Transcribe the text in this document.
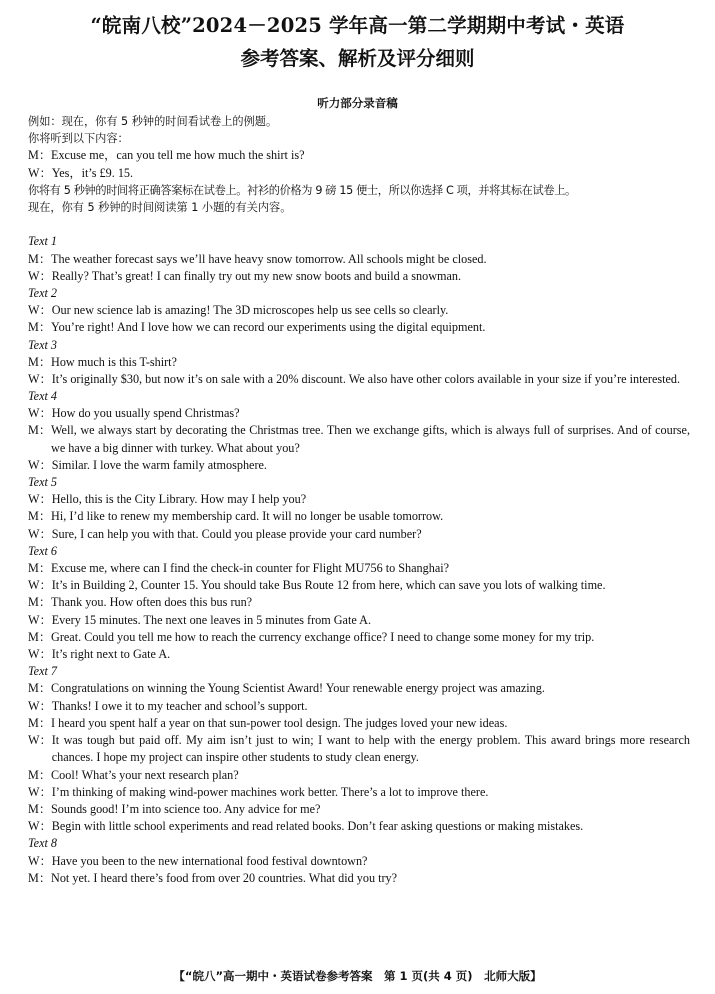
“皖南八校”2024－2025 学年高一第二学期期中考试・英语
参考答案、解析及评分细则
听力部分录音稿
例如：现在，你有 5 秒钟的时间看试卷上的例题。
你将听到以下内容：
M：Excuse me，can you tell me how much the shirt is?
W：Yes，it’s £9. 15.
你将有 5 秒钟的时间将正确答案标在试卷上。衬衫的价格为 9 磅 15 便士，所以你选择 C 项，并将其标在试卷上。
现在，你有 5 秒钟的时间阅读第 1 小题的有关内容。
Text 1
M： The weather forecast says we’ll have heavy snow tomorrow. All schools might be closed.
W： Really? That’s great! I can finally try out my new snow boots and build a snowman.
Text 2
W： Our new science lab is amazing! The 3D microscopes help us see cells so clearly.
M： You’re right! And I love how we can record our experiments using the digital equipment.
Text 3
M： How much is this T-shirt?
W： It’s originally $30, but now it’s on sale with a 20% discount. We also have other colors available in your size if you’re interested.
Text 4
W： How do you usually spend Christmas?
M： Well, we always start by decorating the Christmas tree. Then we exchange gifts, which is always full of surprises. And of course, we have a big dinner with turkey. What about you?
W： Similar. I love the warm family atmosphere.
Text 5
W： Hello, this is the City Library. How may I help you?
M： Hi, I’d like to renew my membership card. It will no longer be usable tomorrow.
W： Sure, I can help you with that. Could you please provide your card number?
Text 6
M： Excuse me, where can I find the check-in counter for Flight MU756 to Shanghai?
W： It’s in Building 2, Counter 15. You should take Bus Route 12 from here, which can save you lots of walking time.
M： Thank you. How often does this bus run?
W： Every 15 minutes. The next one leaves in 5 minutes from Gate A.
M： Great. Could you tell me how to reach the currency exchange office? I need to change some money for my trip.
W： It’s right next to Gate A.
Text 7
M： Congratulations on winning the Young Scientist Award! Your renewable energy project was amazing.
W： Thanks! I owe it to my teacher and school’s support.
M： I heard you spent half a year on that sun-power tool design. The judges loved your new ideas.
W： It was tough but paid off. My aim isn’t just to win; I want to help with the energy problem. This award brings more research chances. I hope my project can inspire other students to study clean energy.
M： Cool! What’s your next research plan?
W： I’m thinking of making wind-power machines work better. There’s a lot to improve there.
M： Sounds good! I’m into science too. Any advice for me?
W： Begin with little school experiments and read related books. Don’t fear asking questions or making mistakes.
Text 8
W： Have you been to the new international food festival downtown?
M： Not yet. I heard there’s food from over 20 countries. What did you try?
【“皖八”高一期中・英语试卷参考答案　第 1 页(共 4 页)　北师大版】
